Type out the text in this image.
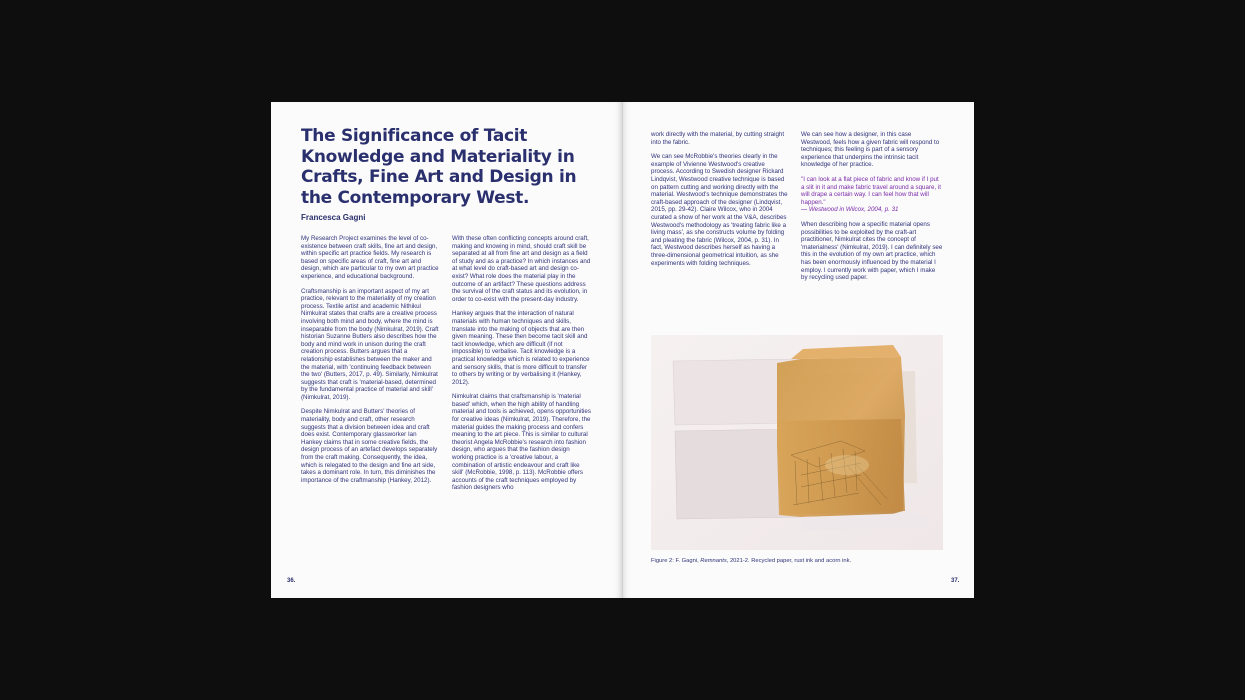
The Significance of Tacit Knowledge and Materiality in Crafts, Fine Art and Design in the Contemporary West.
Francesca Gagni

My Research Project examines the level of co-existence between craft skills, fine art and design, within specific art practice fields. My research is based on specific areas of craft, fine art and design, which are particular to my own art practice experience, and educational background.

Craftsmanship is an important aspect of my art practice, relevant to the materiality of my creation process. Textile artist and academic Nithikul Nimkulrat states that crafts are a creative process involving both mind and body, where the mind is inseparable from the body (Nimkulrat, 2019). Craft historian Suzanne Butters also describes how the body and mind work in unison during the craft creation process. Butters argues that a relationship establishes between the maker and the material, with 'continuing feedback between the two' (Butters, 2017, p. 49). Similarly, Nimkulrat suggests that craft is 'material-based, determined by the fundamental practice of material and skill' (Nimkulrat, 2019).

Despite Nimkulrat and Butters' theories of materiality, body and craft, other research suggests that a division between idea and craft does exist. Contemporary glassworker Ian Hankey claims that in some creative fields, the design process of an artefact develops separately from the craft making. Consequently, the idea, which is relegated to the design and fine art side, takes a dominant role. In turn, this diminishes the importance of the craftmanship (Hankey, 2012).

With these often conflicting concepts around craft, making and knowing in mind, should craft skill be separated at all from fine art and design as a field of study and as a practice? In which instances and at what level do craft-based art and design co- exist? What role does the material play in the outcome of an artifact? These questions address the survival of the craft status and its evolution, in order to co-exist with the present-day industry.

Hankey argues that the interaction of natural materials with human techniques and skills, translate into the making of objects that are then given meaning. These then become tacit skill and tacit knowledge, which are difficult (if not impossible) to verbalise. Tacit knowledge is a practical knowledge which is related to experience and sensory skills, that is more difficult to transfer to others by writing or by verbalising it (Hankey, 2012).

Nimkulrat claims that craftsmanship is 'material based' which, when the high ability of handling material and tools is achieved, opens opportunities for creative ideas (Nimkulrat, 2019). Therefore, the material guides the making process and confers meaning to the art piece. This is similar to cultural theorist Angela McRobbie's research into fashion design, who argues that the fashion design working practice is a 'creative labour, a combination of artistic endeavour and craft like skill' (McRobbie, 1998, p. 113). McRobbie offers accounts of the craft techniques employed by fashion designers who

36.

work directly with the material, by cutting straight into the fabric.

We can see McRobbie's theories clearly in the example of Vivienne Westwood's creative process. According to Swedish designer Rickard Lindqvist, Westwood creative technique is based on pattern cutting and working directly with the material. Westwood's technique demonstrates the craft-based approach of the designer (Lindqvist, 2015, pp. 29-42). Claire Wilcox, who in 2004 curated a show of her work at the V&A, describes Westwood's methodology as 'treating fabric like a living mass', as she constructs volume by folding and pleating the fabric (Wilcox, 2004, p. 31). In fact, Westwood describes herself as having a three-dimensional geometrical intuition, as she experiments with folding techniques.

We can see how a designer, in this case Westwood, feels how a given fabric will respond to techniques; this feeling is part of a sensory experience that underpins the intrinsic tacit knowledge of her practice.

"I can look at a flat piece of fabric and know if I put a slit in it and make fabric travel around a square, it will drape a certain way. I can feel how that will happen."
— Westwood in Wilcox, 2004, p. 31

When describing how a specific material opens possibilities to be exploited by the craft-art practitioner, Nimkulrat cites the concept of 'materialness' (Nimkulrat, 2019). I can definitely see this in the evolution of my own art practice, which has been enormously influenced by the material I employ. I currently work with paper, which I make by recycling used paper.

Figure 2: F. Gagni, Remnants, 2021-2. Recycled paper, rust ink and acorn ink.
37.
